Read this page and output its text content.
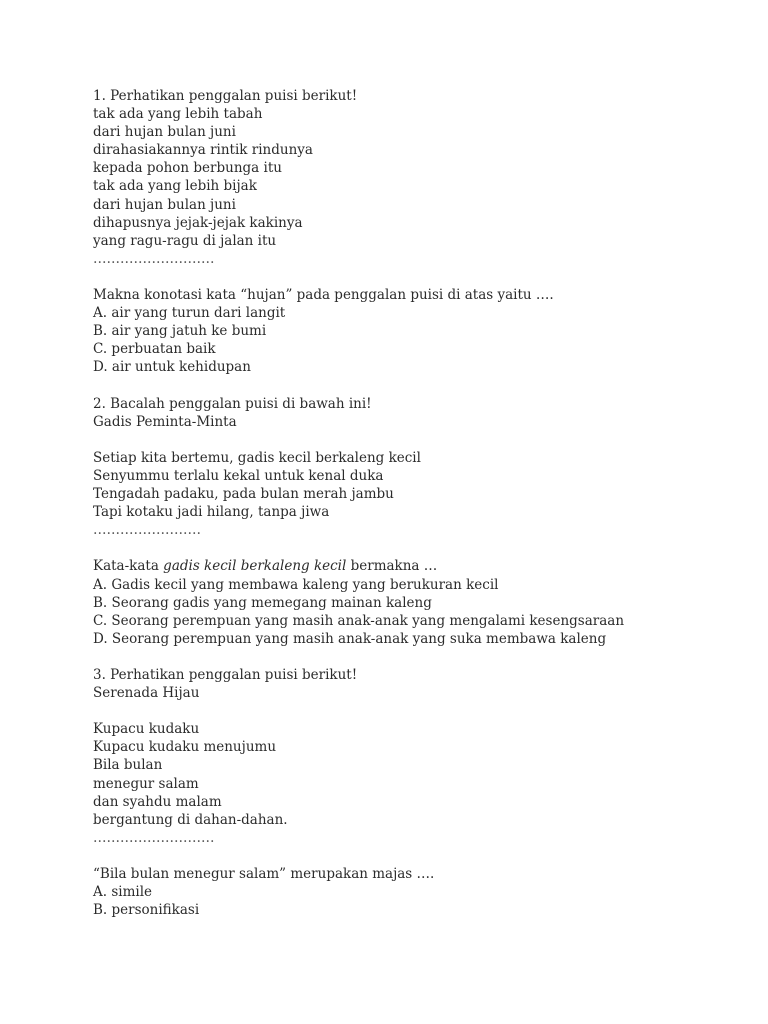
1. Perhatikan penggalan puisi berikut!
tak ada yang lebih tabah
dari hujan bulan juni
dirahasiakannya rintik rindunya
kepada pohon berbunga itu
tak ada yang lebih bijak
dari hujan bulan juni
dihapusnya jejak-jejak kakinya
yang ragu-ragu di jalan itu
………………………
Makna konotasi kata “hujan” pada penggalan puisi di atas yaitu ….
A. air yang turun dari langit
B. air yang jatuh ke bumi
C. perbuatan baik
D. air untuk kehidupan
2. Bacalah penggalan puisi di bawah ini!
Gadis Peminta-Minta
Setiap kita bertemu, gadis kecil berkaleng kecil
Senyummu terlalu kekal untuk kenal duka
Tengadah padaku, pada bulan merah jambu
Tapi kotaku jadi hilang, tanpa jiwa
……………………
Kata-kata gadis kecil berkaleng kecil bermakna …
A. Gadis kecil yang membawa kaleng yang berukuran kecil
B. Seorang gadis yang memegang mainan kaleng
C. Seorang perempuan yang masih anak-anak yang mengalami kesengsaraan
D. Seorang perempuan yang masih anak-anak yang suka membawa kaleng
3. Perhatikan penggalan puisi berikut!
Serenada Hijau
Kupacu kudaku
Kupacu kudaku menujumu
Bila bulan
menegur salam
dan syahdu malam
bergantung di dahan-dahan.
………………………
“Bila bulan menegur salam” merupakan majas ….
A. simile
B. personifikasi
